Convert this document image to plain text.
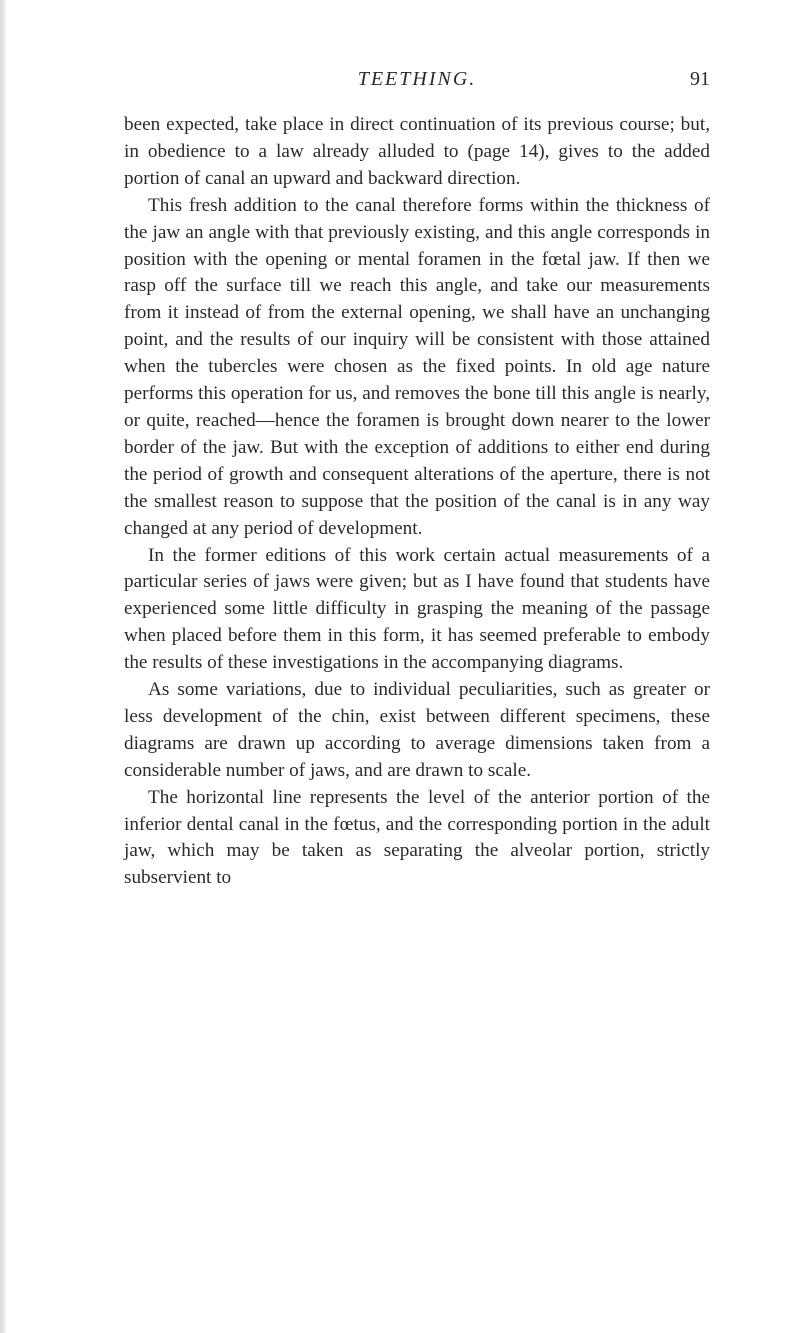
TEETHING.	91

been expected, take place in direct continuation of its previous course; but, in obedience to a law already alluded to (page 14), gives to the added portion of canal an upward and backward direction.

This fresh addition to the canal therefore forms within the thickness of the jaw an angle with that previously existing, and this angle corresponds in position with the opening or mental foramen in the fœtal jaw. If then we rasp off the surface till we reach this angle, and take our measurements from it instead of from the external opening, we shall have an unchanging point, and the results of our inquiry will be consistent with those attained when the tubercles were chosen as the fixed points. In old age nature performs this operation for us, and removes the bone till this angle is nearly, or quite, reached—hence the foramen is brought down nearer to the lower border of the jaw. But with the exception of additions to either end during the period of growth and consequent alterations of the aperture, there is not the smallest reason to suppose that the position of the canal is in any way changed at any period of development.

In the former editions of this work certain actual measurements of a particular series of jaws were given; but as I have found that students have experienced some little difficulty in grasping the meaning of the passage when placed before them in this form, it has seemed preferable to embody the results of these investigations in the accompanying diagrams.

As some variations, due to individual peculiarities, such as greater or less development of the chin, exist between different specimens, these diagrams are drawn up according to average dimensions taken from a considerable number of jaws, and are drawn to scale.

The horizontal line represents the level of the anterior portion of the inferior dental canal in the fœtus, and the corresponding portion in the adult jaw, which may be taken as separating the alveolar portion, strictly subservient to
